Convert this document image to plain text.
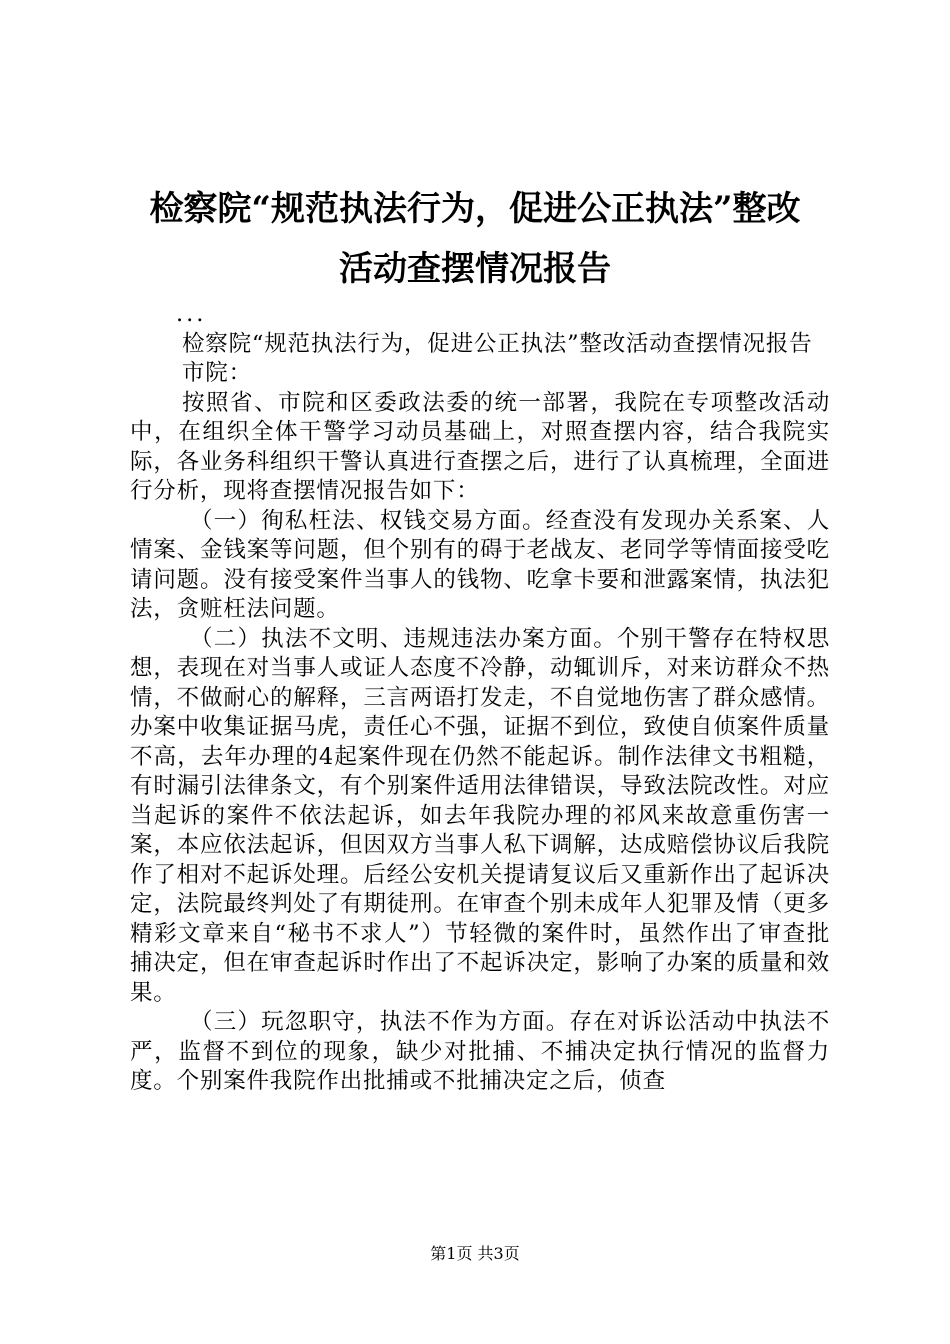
检察院“规范执法行为，促进公正执法”整改
活动查摆情况报告

...

检察院“规范执法行为，促进公正执法”整改活动查摆情况报告

市院：

按照省、市院和区委政法委的统一部署，我院在专项整改活动中，在组织全体干警学习动员基础上，对照查摆内容，结合我院实际，各业务科组织干警认真进行查摆之后，进行了认真梳理，全面进行分析，现将查摆情况报告如下：

（一）徇私枉法、权钱交易方面。经查没有发现办关系案、人情案、金钱案等问题，但个别有的碍于老战友、老同学等情面接受吃请问题。没有接受案件当事人的钱物、吃拿卡要和泄露案情，执法犯法，贪赃枉法问题。

（二）执法不文明、违规违法办案方面。个别干警存在特权思想，表现在对当事人或证人态度不冷静，动辄训斥，对来访群众不热情，不做耐心的解释，三言两语打发走，不自觉地伤害了群众感情。办案中收集证据马虎，责任心不强，证据不到位，致使自侦案件质量不高，去年办理的4起案件现在仍然不能起诉。制作法律文书粗糙，有时漏引法律条文，有个别案件适用法律错误，导致法院改性。对应当起诉的案件不依法起诉，如去年我院办理的祁风来故意重伤害一案，本应依法起诉，但因双方当事人私下调解，达成赔偿协议后我院作了相对不起诉处理。后经公安机关提请复议后又重新作出了起诉决定，法院最终判处了有期徒刑。在审查个别未成年人犯罪及情（更多精彩文章来自“秘书不求人”）节轻微的案件时，虽然作出了审查批捕决定，但在审查起诉时作出了不起诉决定，影响了办案的质量和效果。

（三）玩忽职守，执法不作为方面。存在对诉讼活动中执法不严，监督不到位的现象，缺少对批捕、不捕决定执行情况的监督力度。个别案件我院作出批捕或不批捕决定之后，侦查

第1页 共3页
